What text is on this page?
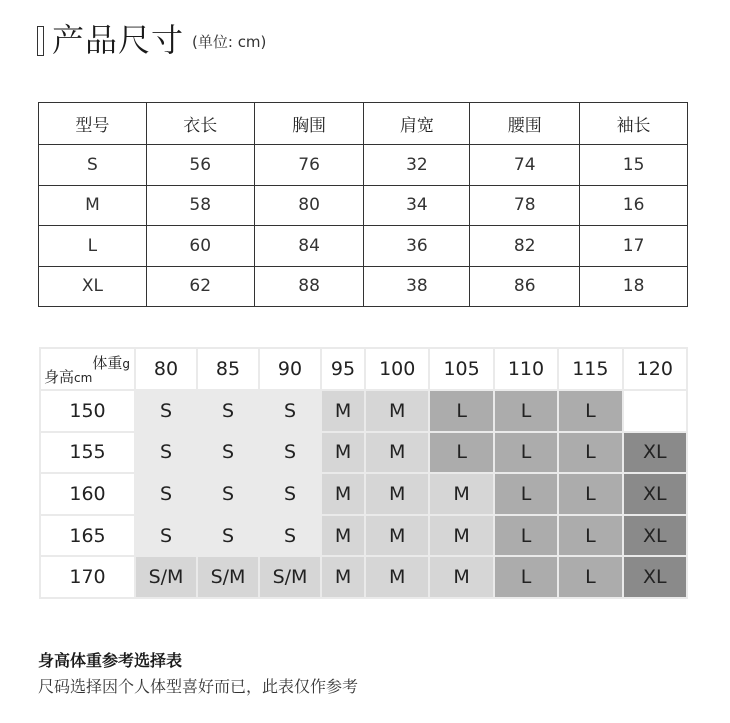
产品尺寸 (单位: cm)
型号	衣长	胸围	肩宽	腰围	袖长
S	56	76	32	74	15
M	58	80	34	78	16
L	60	84	36	82	17
XL	62	88	38	86	18
体重g
身高cm	80	85	90	95	100	105	110	115	120
150	S	S	S	M	M	L	L	L	
155	S	S	S	M	M	L	L	L	XL
160	S	S	S	M	M	M	L	L	XL
165	S	S	S	M	M	M	L	L	XL
170	S/M	S/M	S/M	M	M	M	L	L	XL
身高体重参考选择表
尺码选择因个人体型喜好而已，此表仅作参考
